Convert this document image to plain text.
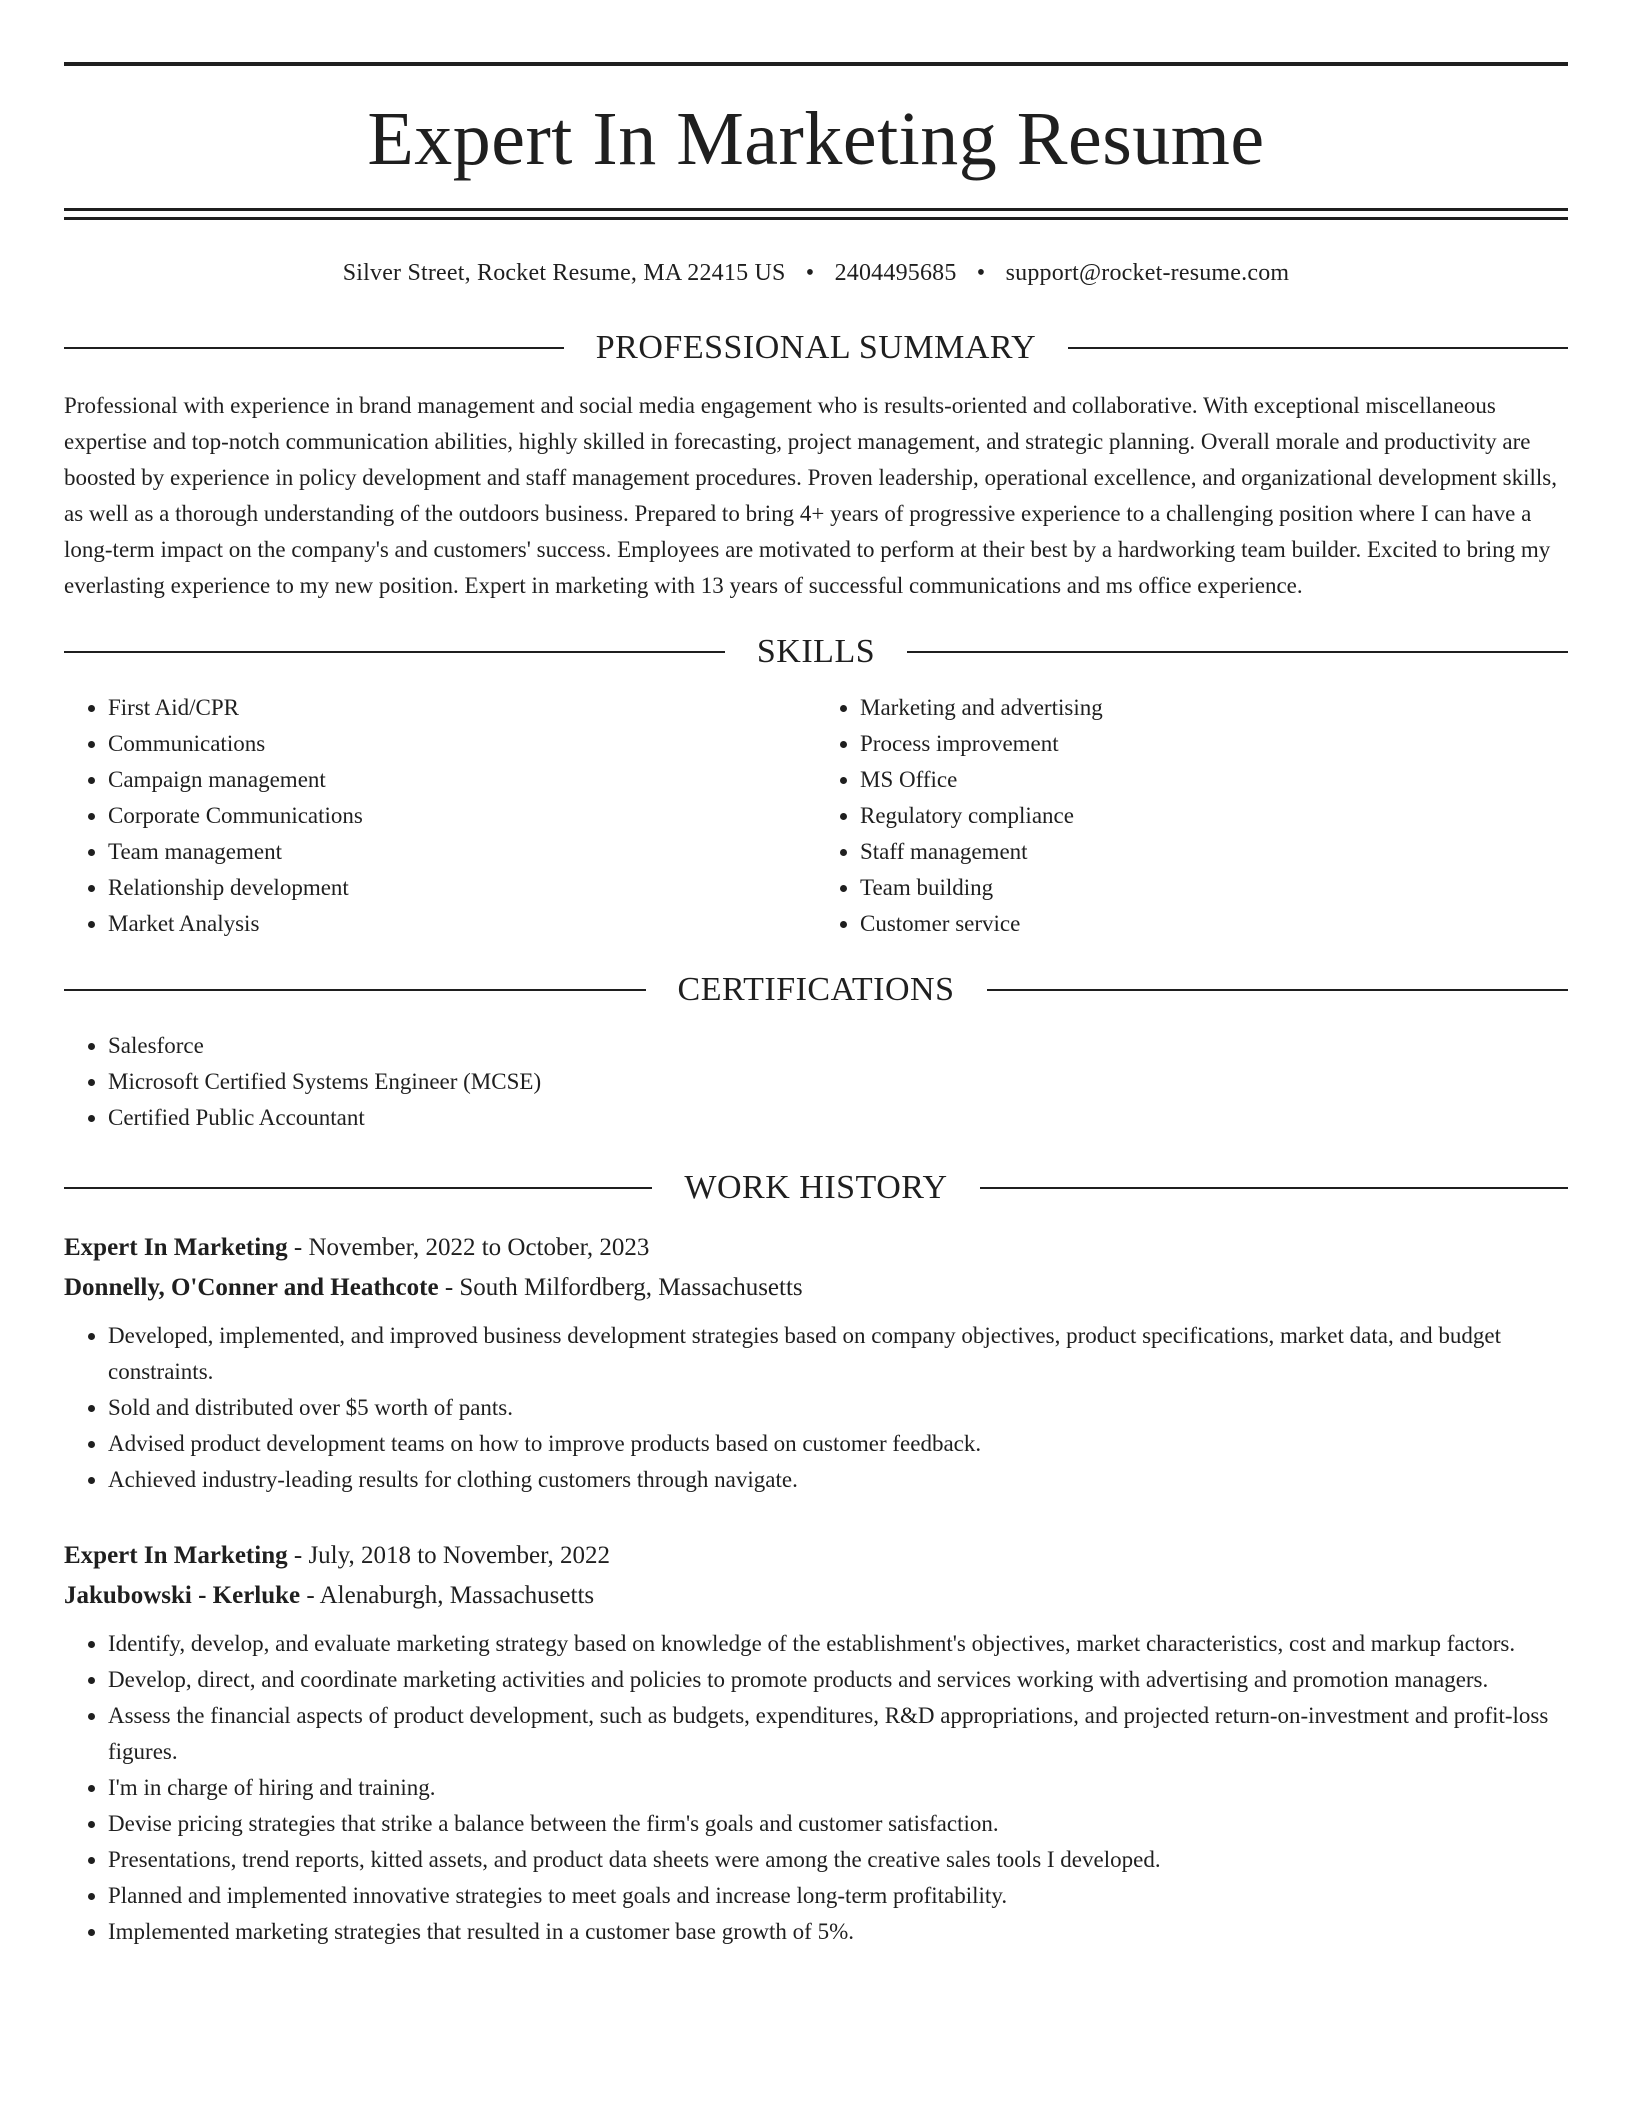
Expert In Marketing Resume
Silver Street, Rocket Resume, MA 22415 US • 2404495685 • support@rocket-resume.com
PROFESSIONAL SUMMARY

Professional with experience in brand management and social media engagement who is results-oriented and collaborative. With exceptional miscellaneous expertise and top-notch communication abilities, highly skilled in forecasting, project management, and strategic planning. Overall morale and productivity are boosted by experience in policy development and staff management procedures. Proven leadership, operational excellence, and organizational development skills, as well as a thorough understanding of the outdoors business. Prepared to bring 4+ years of progressive experience to a challenging position where I can have a long-term impact on the company's and customers' success. Employees are motivated to perform at their best by a hardworking team builder. Excited to bring my everlasting experience to my new position. Expert in marketing with 13 years of successful communications and ms office experience.

SKILLS
• First Aid/CPR
• Communications
• Campaign management
• Corporate Communications
• Team management
• Relationship development
• Market Analysis
• Marketing and advertising
• Process improvement
• MS Office
• Regulatory compliance
• Staff management
• Team building
• Customer service
CERTIFICATIONS
• Salesforce
• Microsoft Certified Systems Engineer (MCSE)
• Certified Public Accountant
WORK HISTORY
Expert In Marketing - November, 2022 to October, 2023
Donnelly, O'Conner and Heathcote - South Milfordberg, Massachusetts
• Developed, implemented, and improved business development strategies based on company objectives, product specifications, market data, and budget constraints.
• Sold and distributed over $5 worth of pants.
• Advised product development teams on how to improve products based on customer feedback.
• Achieved industry-leading results for clothing customers through navigate.
Expert In Marketing - July, 2018 to November, 2022
Jakubowski - Kerluke - Alenaburgh, Massachusetts
• Identify, develop, and evaluate marketing strategy based on knowledge of the establishment's objectives, market characteristics, cost and markup factors.
• Develop, direct, and coordinate marketing activities and policies to promote products and services working with advertising and promotion managers.
• Assess the financial aspects of product development, such as budgets, expenditures, R&D appropriations, and projected return-on-investment and profit-loss figures.
• I'm in charge of hiring and training.
• Devise pricing strategies that strike a balance between the firm's goals and customer satisfaction.
• Presentations, trend reports, kitted assets, and product data sheets were among the creative sales tools I developed.
• Planned and implemented innovative strategies to meet goals and increase long-term profitability.
• Implemented marketing strategies that resulted in a customer base growth of 5%.
